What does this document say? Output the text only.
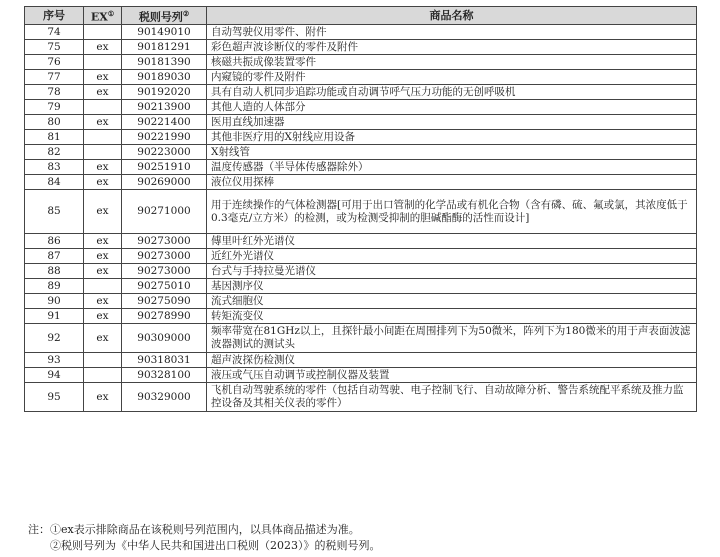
序号	EX①	税则号列②	商品名称
74		90149010	自动驾驶仪用零件、附件
75	ex	90181291	彩色超声波诊断仪的零件及附件
76		90181390	核磁共振成像装置零件
77	ex	90189030	内窥镜的零件及附件
78	ex	90192020	具有自动人机同步追踪功能或自动调节呼气压力功能的无创呼吸机
79		90213900	其他人造的人体部分
80	ex	90221400	医用直线加速器
81		90221990	其他非医疗用的X射线应用设备
82		90223000	X射线管
83	ex	90251910	温度传感器（半导体传感器除外）
84	ex	90269000	液位仪用探棒
85	ex	90271000	用于连续操作的气体检测器[可用于出口管制的化学品或有机化合物（含有磷、硫、氟或氯，其浓度低于0.3毫克/立方米）的检测，或为检测受抑制的胆碱酯酶的活性而设计]
86	ex	90273000	傅里叶红外光谱仪
87	ex	90273000	近红外光谱仪
88	ex	90273000	台式与手持拉曼光谱仪
89		90275010	基因测序仪
90	ex	90275090	流式细胞仪
91	ex	90278990	转矩流变仪
92	ex	90309000	频率带宽在81GHz以上，且探针最小间距在周围排列下为50微米，阵列下为180微米的用于声表面波滤波器测试的测试头
93		90318031	超声波探伤检测仪
94		90328100	液压或气压自动调节或控制仪器及装置
95	ex	90329000	飞机自动驾驶系统的零件（包括自动驾驶、电子控制飞行、自动故障分析、警告系统配平系统及推力监控设备及其相关仪表的零件）
注：①ex表示排除商品在该税则号列范围内，以具体商品描述为准。
②税则号列为《中华人民共和国进出口税则（2023）》的税则号列。
